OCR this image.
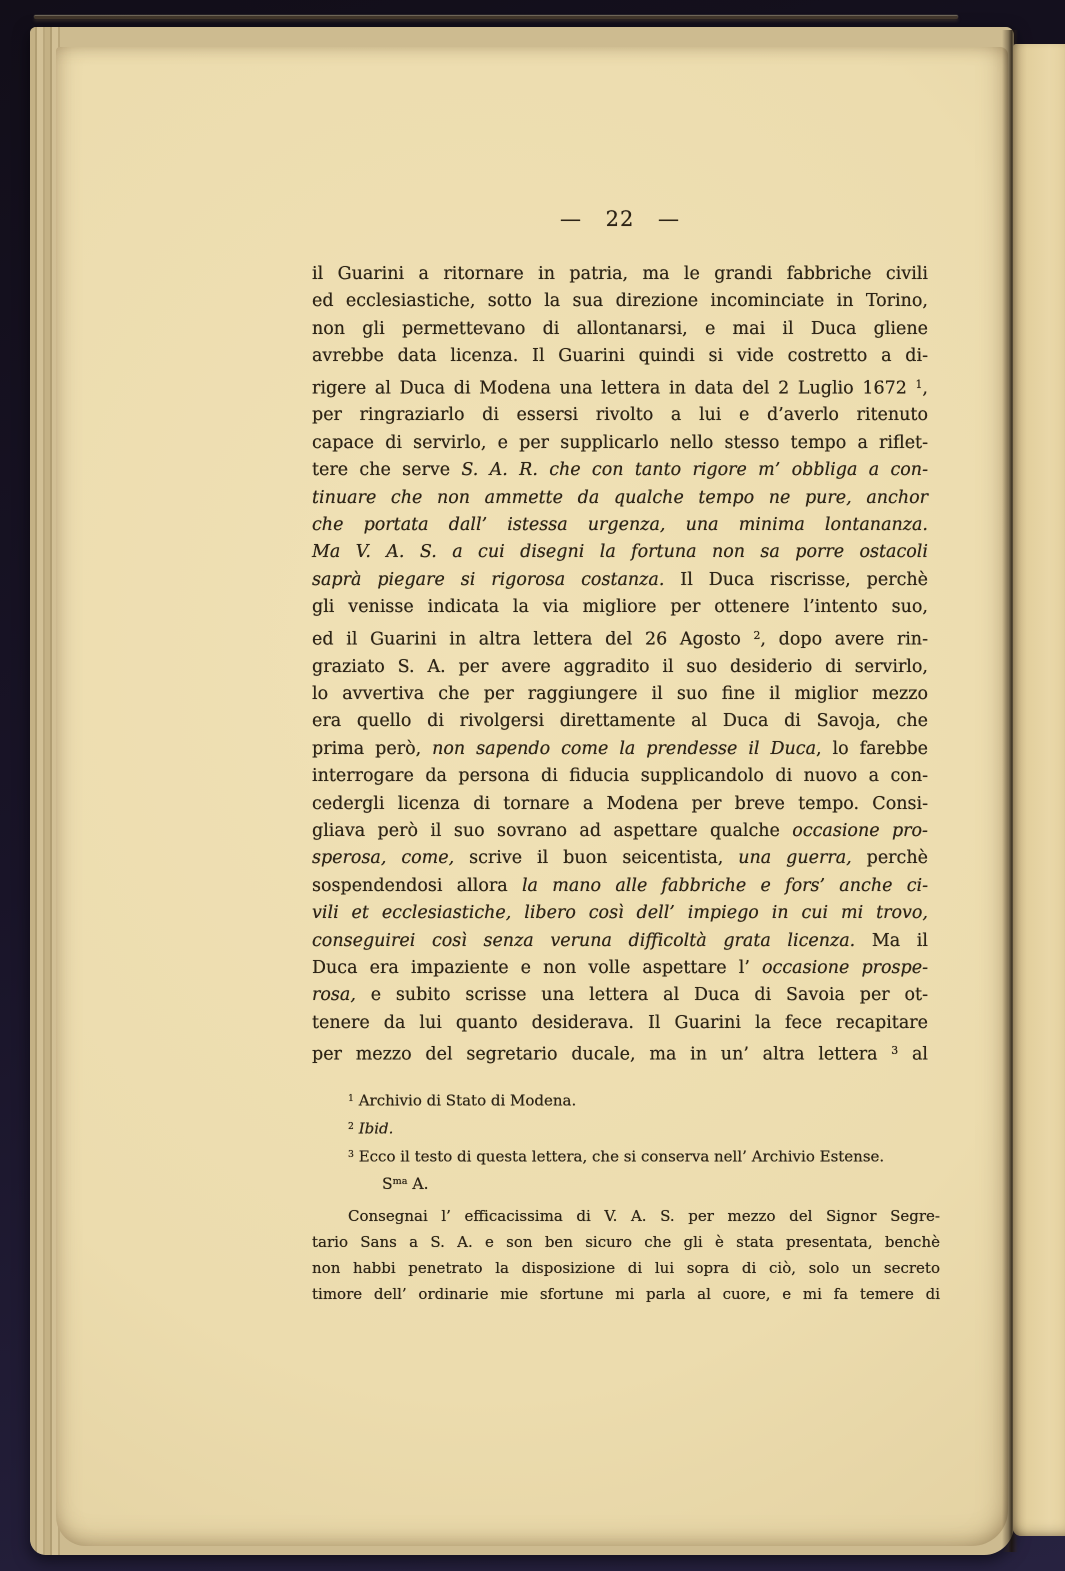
— 22 —
il Guarini a ritornare in patria, ma le grandi fabbriche civili
ed ecclesiastiche, sotto la sua direzione incominciate in Torino,
non gli permettevano di allontanarsi, e mai il Duca gliene
avrebbe data licenza. Il Guarini quindi si vide costretto a di-
rigere al Duca di Modena una lettera in data del 2 Luglio 1672 $^1$,
per ringraziarlo di essersi rivolto a lui e d’averlo ritenuto
capace di servirlo, e per supplicarlo nello stesso tempo a riflet-
tere che serve S. A. R. che con tanto rigore m’ obbliga a con-
tinuare che non ammette da qualche tempo ne pure, anchor
che portata dall’ istessa urgenza, una minima lontananza.
Ma V. A. S. a cui disegni la fortuna non sa porre ostacoli
saprà piegare si rigorosa costanza. Il Duca riscrisse, perchè
gli venisse indicata la via migliore per ottenere l’intento suo,
ed il Guarini in altra lettera del 26 Agosto $^2$, dopo avere rin-
graziato S. A. per avere aggradito il suo desiderio di servirlo,
lo avvertiva che per raggiungere il suo fine il miglior mezzo
era quello di rivolgersi direttamente al Duca di Savoja, che
prima però, non sapendo come la prendesse il Duca, lo farebbe
interrogare da persona di fiducia supplicandolo di nuovo a con-
cedergli licenza di tornare a Modena per breve tempo. Consi-
gliava però il suo sovrano ad aspettare qualche occasione pro-
sperosa, come, scrive il buon seicentista, una guerra, perchè
sospendendosi allora la mano alle fabbriche e fors’ anche ci-
vili et ecclesiastiche, libero così dell’ impiego in cui mi trovo,
conseguirei così senza veruna difficoltà grata licenza. Ma il
Duca era impaziente e non volle aspettare l’ occasione prospe-
rosa, e subito scrisse una lettera al Duca di Savoia per ot-
tenere da lui quanto desiderava. Il Guarini la fece recapitare
per mezzo del segretario ducale, ma in un’ altra lettera $^3$ al
$^1$ Archivio di Stato di Modena.
$^2$ Ibid.
$^3$ Ecco il testo di questa lettera, che si conserva nell’ Archivio Estense.
$S^{ma}$ A.
Consegnai l’ efficacissima di V. A. S. per mezzo del Signor Segre-
tario Sans a S. A. e son ben sicuro che gli è stata presentata, benchè
non habbi penetrato la disposizione di lui sopra di ciò, solo un secreto
timore dell’ ordinarie mie sfortune mi parla al cuore, e mi fa temere di
